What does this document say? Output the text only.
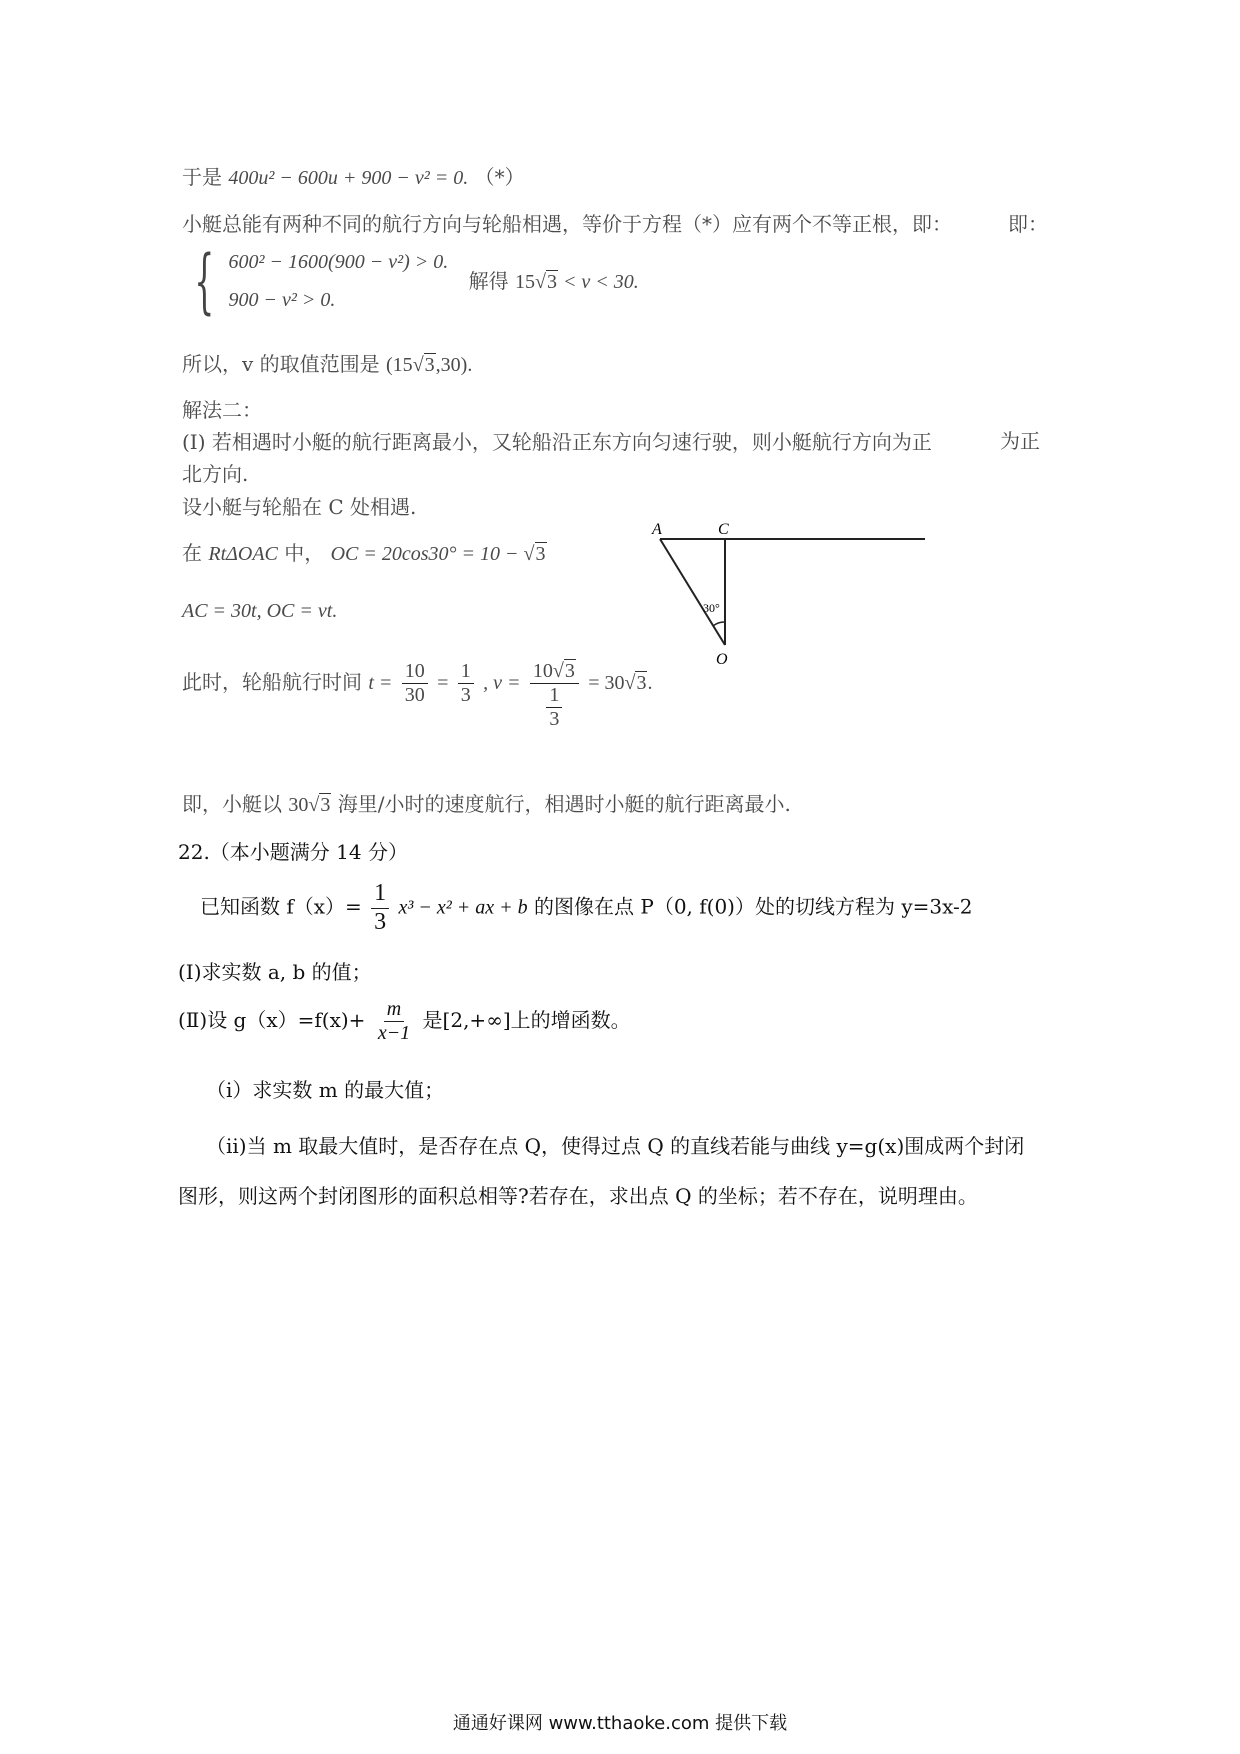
于是 400u² − 600u + 900 − v² = 0. （*）
小艇总能有两种不同的航行方向与轮船相遇，等价于方程（*）应有两个不等正根，即：	即：
{ 600² − 1600(900 − v²) > 0.
900 − v² > 0.
解得 15√3 < v < 30.
所以，v 的取值范围是 (15√3,30).
解法二：
(I) 若相遇时小艇的航行距离最小，又轮船沿正东方向匀速行驶，则小艇航行方向为正	为正
北方向.
设小艇与轮船在 C 处相遇.
在 RtΔOAC 中， OC = 20cos30° = 10 − √3
AC = 30t, OC = vt.
A	C
O
30°
此时，轮船航行时间 $t = \frac{10}{30} = \frac{1}{3}$ , $v = \frac{10√3}{\frac{1}{3}} = 30√3$.
即，小艇以 30√3 海里/小时的速度航行，相遇时小艇的航行距离最小.
22.（本小题满分 14 分）
已知函数 $f(x)= \frac{1}{3} x^3 - x^2$ + ax + b 的图像在点 P（0, f(0)）处的切线方程为 y=3x-2
(Ⅰ)求实数 a, b 的值；
(Ⅱ)设 $g(x)=f(x)+ \frac{m}{x-1}$ 是[2,+∞]上的增函数。
（i）求实数 m 的最大值；
（ii)当 m 取最大值时，是否存在点 Q，使得过点 Q 的直线若能与曲线 y=g(x)围成两个封闭
图形，则这两个封闭图形的面积总相等?若存在，求出点 Q 的坐标；若不存在，说明理由。
通通好课网 www.tthaoke.com 提供下载
